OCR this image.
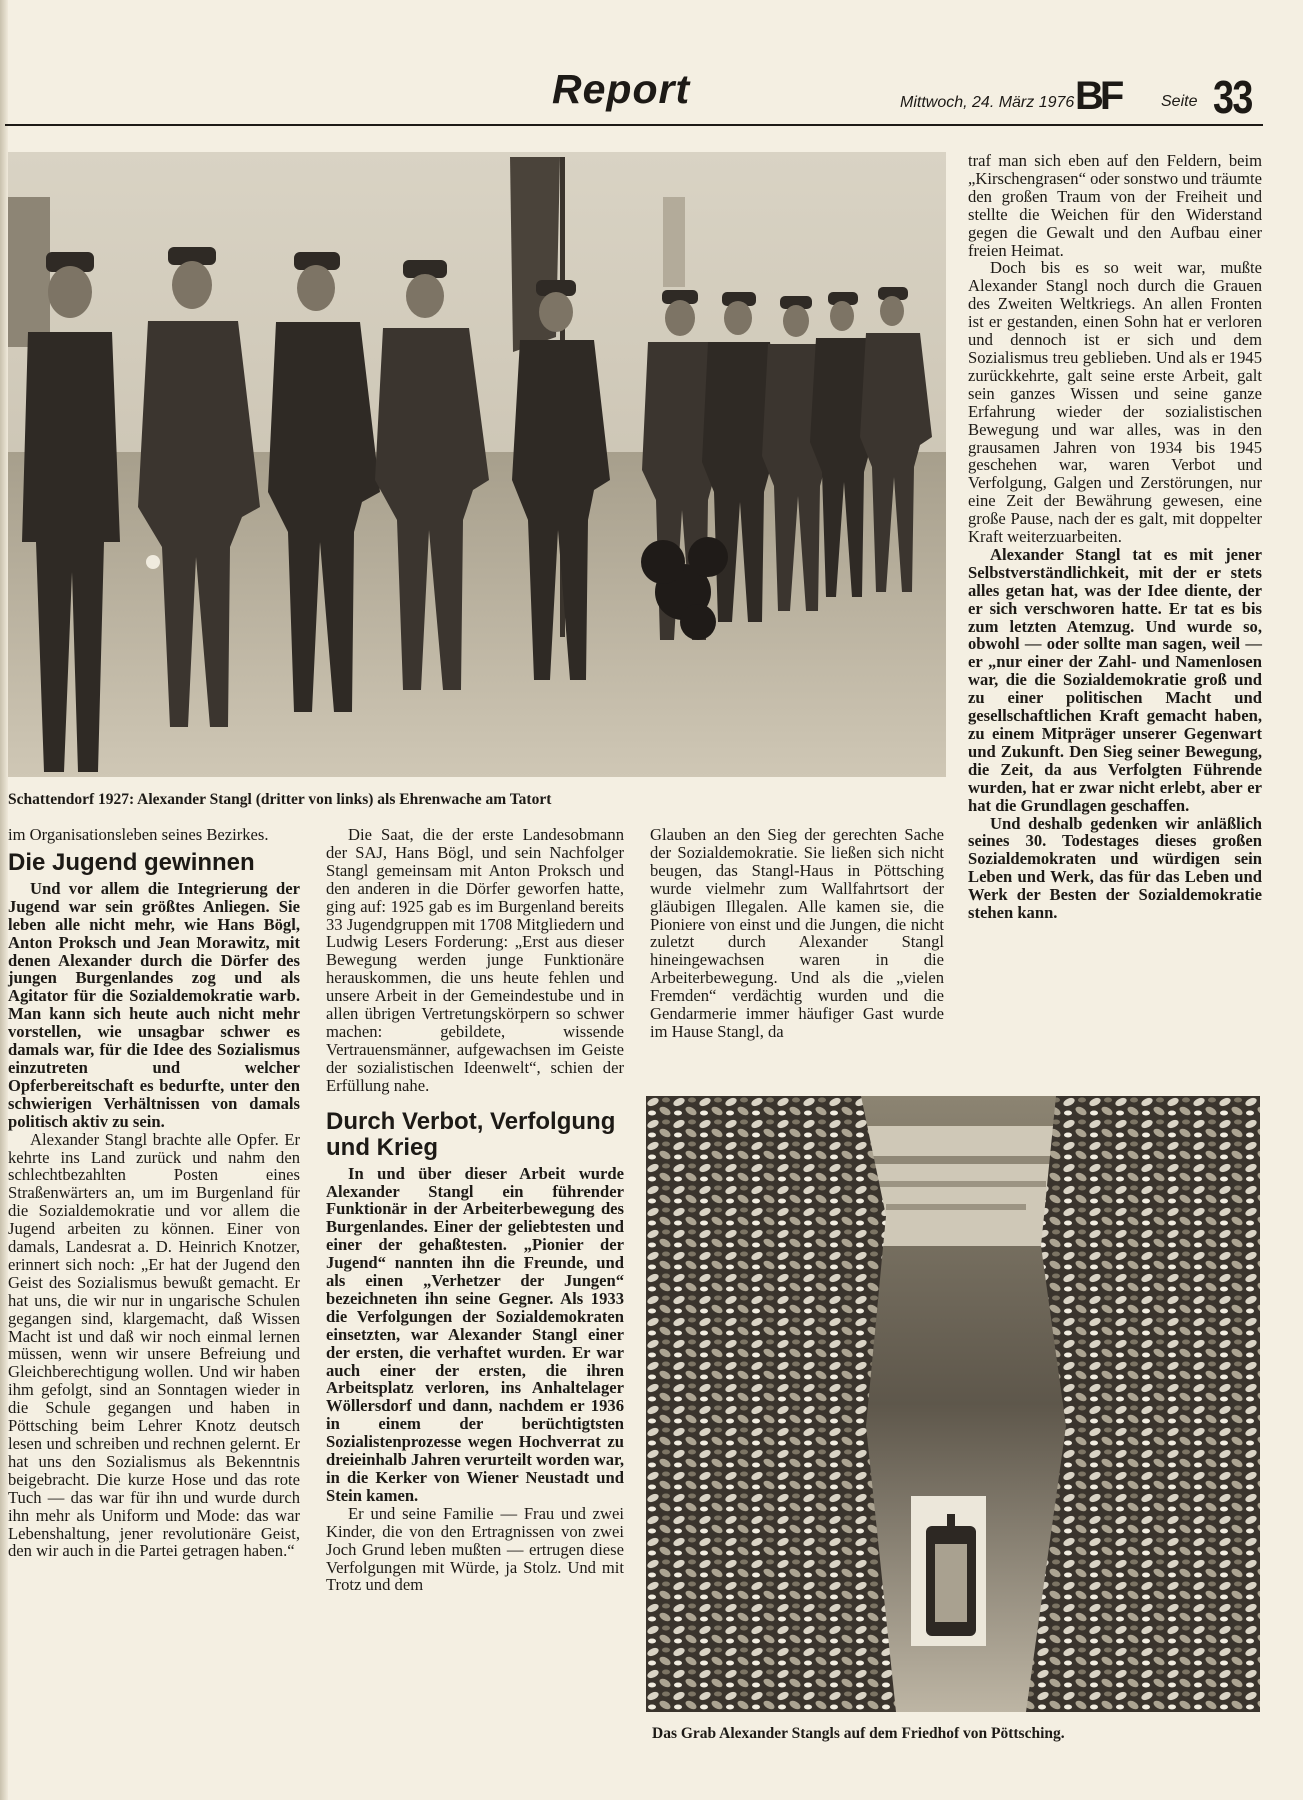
Report	Mittwoch, 24. März 1976 BF	Seite 33
Schattendorf 1927: Alexander Stangl (dritter von links) als Ehrenwache am Tatort

im Organisationsleben seines Bezirkes.

Die Jugend gewinnen

Und vor allem die Integrierung der Jugend war sein größtes Anliegen. Sie leben alle nicht mehr, wie Hans Bögl, Anton Proksch und Jean Morawitz, mit denen Alexander durch die Dörfer des jungen Burgenlandes zog und als Agitator für die Sozialdemokratie warb. Man kann sich heute auch nicht mehr vorstellen, wie unsagbar schwer es damals war, für die Idee des Sozialismus einzutreten und welcher Opferbereitschaft es bedurfte, unter den schwierigen Verhältnissen von damals politisch aktiv zu sein.

Alexander Stangl brachte alle Opfer. Er kehrte ins Land zurück und nahm den schlechtbezahlten Posten eines Straßenwärters an, um im Burgenland für die Sozialdemokratie und vor allem die Jugend arbeiten zu können. Einer von damals, Landesrat a. D. Heinrich Knotzer, erinnert sich noch: „Er hat der Jugend den Geist des Sozialismus bewußt gemacht. Er hat uns, die wir nur in ungarische Schulen gegangen sind, klargemacht, daß Wissen Macht ist und daß wir noch einmal lernen müssen, wenn wir unsere Befreiung und Gleichberechtigung wollen. Und wir haben ihm gefolgt, sind an Sonntagen wieder in die Schule gegangen und haben in Pöttsching beim Lehrer Knotz deutsch lesen und schreiben und rechnen gelernt. Er hat uns den Sozialismus als Bekenntnis beigebracht. Die kurze Hose und das rote Tuch — das war für ihn und wurde durch ihn mehr als Uniform und Mode: das war Lebenshaltung, jener revolutionäre Geist, den wir auch in die Partei getragen haben.“

Die Saat, die der erste Landesobmann der SAJ, Hans Bögl, und sein Nachfolger Stangl gemeinsam mit Anton Proksch und den anderen in die Dörfer geworfen hatte, ging auf: 1925 gab es im Burgenland bereits 33 Jugendgruppen mit 1708 Mitgliedern und Ludwig Lesers Forderung: „Erst aus dieser Bewegung werden junge Funktionäre herauskommen, die uns heute fehlen und unsere Arbeit in der Gemeindestube und in allen übrigen Vertretungskörpern so schwer machen: gebildete, wissende Vertrauensmänner, aufgewachsen im Geiste der sozialistischen Ideenwelt“, schien der Erfüllung nahe.

Durch Verbot, Verfolgung und Krieg

In und über dieser Arbeit wurde Alexander Stangl ein führender Funktionär in der Arbeiterbewegung des Burgenlandes. Einer der geliebtesten und einer der gehaßtesten. „Pionier der Jugend“ nannten ihn die Freunde, und als einen „Verhetzer der Jungen“ bezeichneten ihn seine Gegner. Als 1933 die Verfolgungen der Sozialdemokraten einsetzten, war Alexander Stangl einer der ersten, die verhaftet wurden. Er war auch einer der ersten, die ihren Arbeitsplatz verloren, ins Anhaltelager Wöllersdorf und dann, nachdem er 1936 in einem der berüchtigtsten Sozialistenprozesse wegen Hochverrat zu dreieinhalb Jahren verurteilt worden war, in die Kerker von Wiener Neustadt und Stein kamen.

Er und seine Familie — Frau und zwei Kinder, die von den Ertragnissen von zwei Joch Grund leben mußten — ertrugen diese Verfolgungen mit Würde, ja Stolz. Und mit Trotz und dem

Glauben an den Sieg der gerechten Sache der Sozialdemokratie. Sie ließen sich nicht beugen, das Stangl-Haus in Pöttsching wurde vielmehr zum Wallfahrtsort der gläubigen Illegalen. Alle kamen sie, die Pioniere von einst und die Jungen, die nicht zuletzt durch Alexander Stangl hineingewachsen waren in die Arbeiterbewegung. Und als die „vielen Fremden“ verdächtig wurden und die Gendarmerie immer häufiger Gast wurde im Hause Stangl, da

traf man sich eben auf den Feldern, beim „Kirschengrasen“ oder sonstwo und träumte den großen Traum von der Freiheit und stellte die Weichen für den Widerstand gegen die Gewalt und den Aufbau einer freien Heimat.

Doch bis es so weit war, mußte Alexander Stangl noch durch die Grauen des Zweiten Weltkriegs. An allen Fronten ist er gestanden, einen Sohn hat er verloren und dennoch ist er sich und dem Sozialismus treu geblieben. Und als er 1945 zurückkehrte, galt seine erste Arbeit, galt sein ganzes Wissen und seine ganze Erfahrung wieder der sozialistischen Bewegung und war alles, was in den grausamen Jahren von 1934 bis 1945 geschehen war, waren Verbot und Verfolgung, Galgen und Zerstörungen, nur eine Zeit der Bewährung gewesen, eine große Pause, nach der es galt, mit doppelter Kraft weiterzuarbeiten.

Alexander Stangl tat es mit jener Selbstverständlichkeit, mit der er stets alles getan hat, was der Idee diente, der er sich verschworen hatte. Er tat es bis zum letzten Atemzug. Und wurde so, obwohl — oder sollte man sagen, weil — er „nur einer der Zahl- und Namenlosen war, die die Sozialdemokratie groß und zu einer politischen Macht und gesellschaftlichen Kraft gemacht haben, zu einem Mitpräger unserer Gegenwart und Zukunft. Den Sieg seiner Bewegung, die Zeit, da aus Verfolgten Führende wurden, hat er zwar nicht erlebt, aber er hat die Grundlagen geschaffen.

Und deshalb gedenken wir anläßlich seines 30. Todestages dieses großen Sozialdemokraten und würdigen sein Leben und Werk, das für das Leben und Werk der Besten der Sozialdemokratie stehen kann.

Das Grab Alexander Stangls auf dem Friedhof von Pöttsching.
